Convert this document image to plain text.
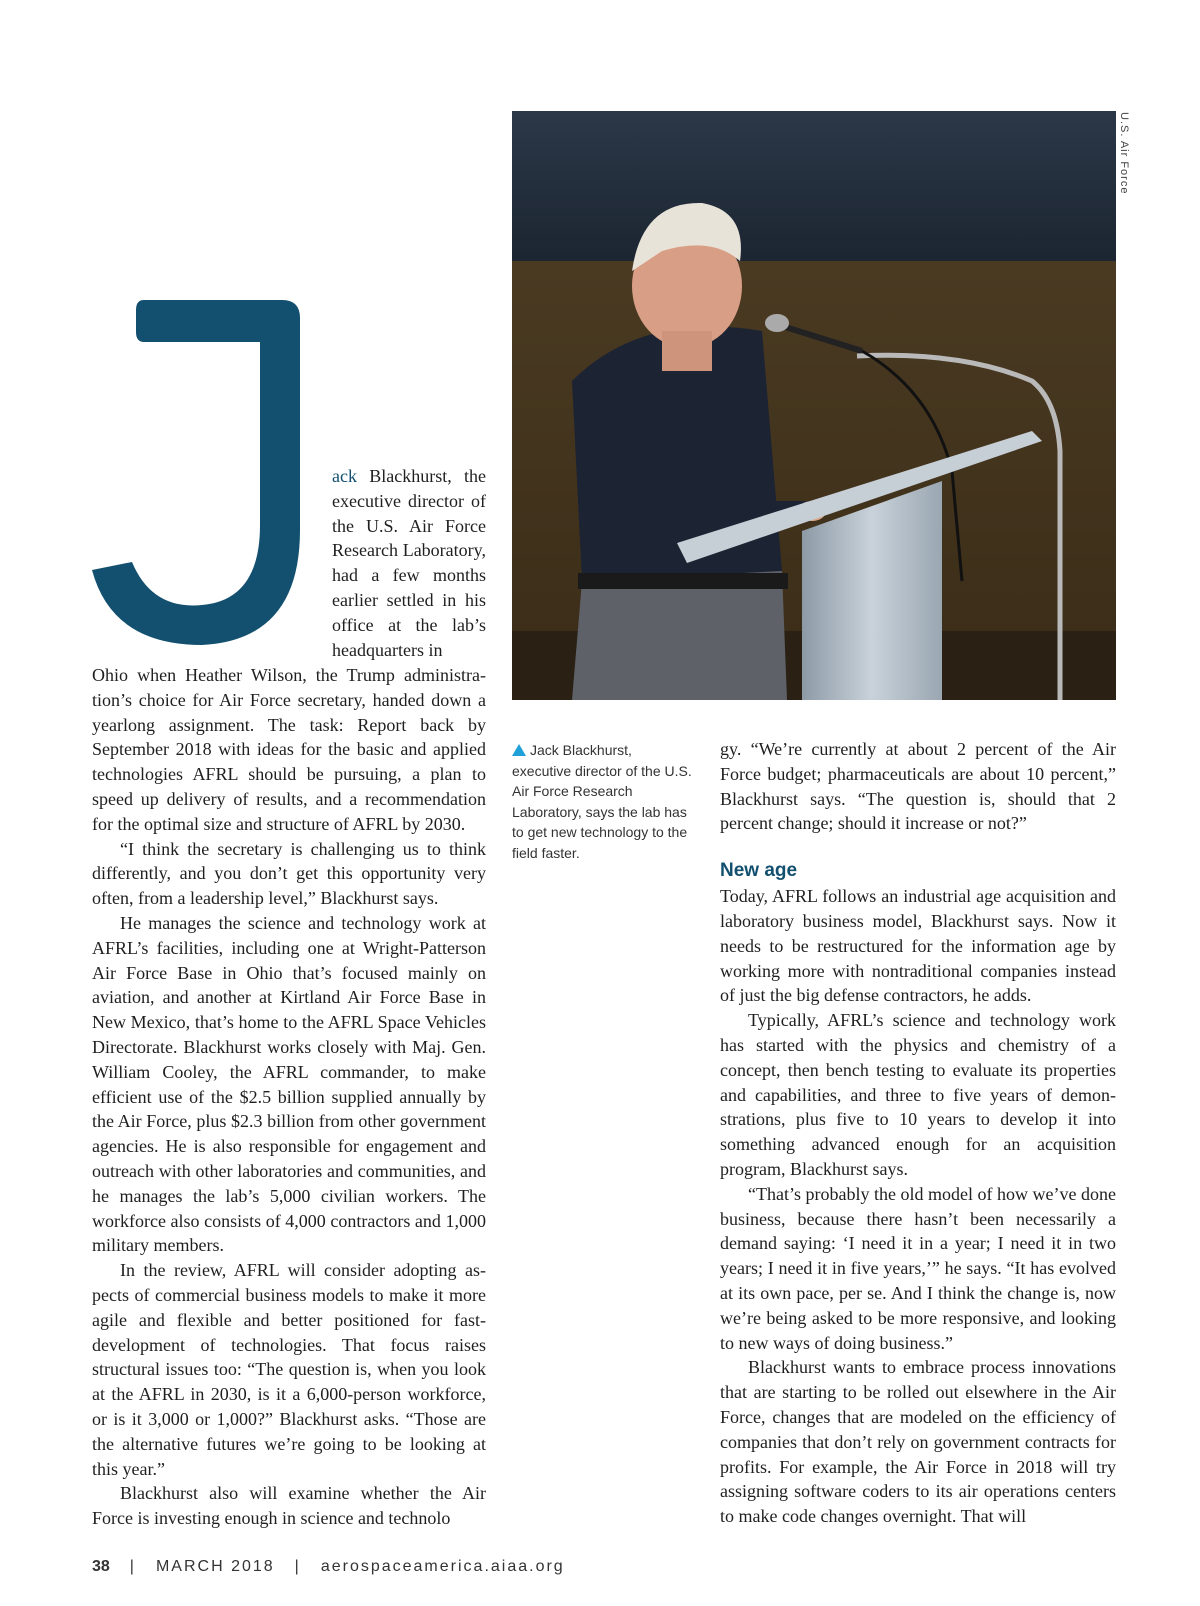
U.S. Air Force
ack Blackhurst, the executive director of the U.S. Air Force Research Laboratory, had a few months earlier settled in his office at the lab’s headquarters in

Ohio when Heather Wilson, the Trump administration’s choice for Air Force secretary, handed down a yearlong assignment. The task: Report back by September 2018 with ideas for the basic and applied technologies AFRL should be pursuing, a plan to speed up delivery of results, and a recommendation for the optimal size and structure of AFRL by 2030.

“I think the secretary is challenging us to think differently, and you don’t get this opportunity very often, from a leadership level,” Blackhurst says.

He manages the science and technology work at AFRL’s facilities, including one at Wright-Patterson Air Force Base in Ohio that’s focused mainly on aviation, and another at Kirtland Air Force Base in New Mexico, that’s home to the AFRL Space Vehicles Directorate. Blackhurst works closely with Maj. Gen. William Cooley, the AFRL commander, to make efficient use of the $2.5 billion supplied annually by the Air Force, plus $2.3 billion from other government agencies. He is also responsible for engagement and outreach with other laboratories and communities, and he manages the lab’s 5,000 civilian workers. The workforce also consists of 4,000 contractors and 1,000 military members.

In the review, AFRL will consider adopting aspects of commercial business models to make it more agile and flexible and better positioned for fast-development of technologies. That focus raises structural issues too: “The question is, when you look at the AFRL in 2030, is it a 6,000-person workforce, or is it 3,000 or 1,000?” Blackhurst asks. “Those are the alternative futures we’re going to be looking at this year.”

Blackhurst also will examine whether the Air Force is investing enough in science and technolo

Jack Blackhurst, executive director of the U.S. Air Force Research Laboratory, says the lab has to get new technology to the field faster.

gy. “We’re currently at about 2 percent of the Air Force budget; pharmaceuticals are about 10 percent,” Blackhurst says. “The question is, should that 2 percent change; should it increase or not?”

New age

Today, AFRL follows an industrial age acquisition and laboratory business model, Blackhurst says. Now it needs to be restructured for the information age by working more with nontraditional companies instead of just the big defense contractors, he adds.

Typically, AFRL’s science and technology work has started with the physics and chemistry of a concept, then bench testing to evaluate its properties and capabilities, and three to five years of demonstrations, plus five to 10 years to develop it into something advanced enough for an acquisition program, Blackhurst says.

“That’s probably the old model of how we’ve done business, because there hasn’t been necessarily a demand saying: ‘I need it in a year; I need it in two years; I need it in five years,’” he says. “It has evolved at its own pace, per se. And I think the change is, now we’re being asked to be more responsive, and looking to new ways of doing business.”

Blackhurst wants to embrace process innovations that are starting to be rolled out elsewhere in the Air Force, changes that are modeled on the efficiency of companies that don’t rely on government contracts for profits. For example, the Air Force in 2018 will try assigning software coders to its air operations centers to make code changes overnight. That will

38 | MARCH 2018 | aerospaceamerica.aiaa.org
